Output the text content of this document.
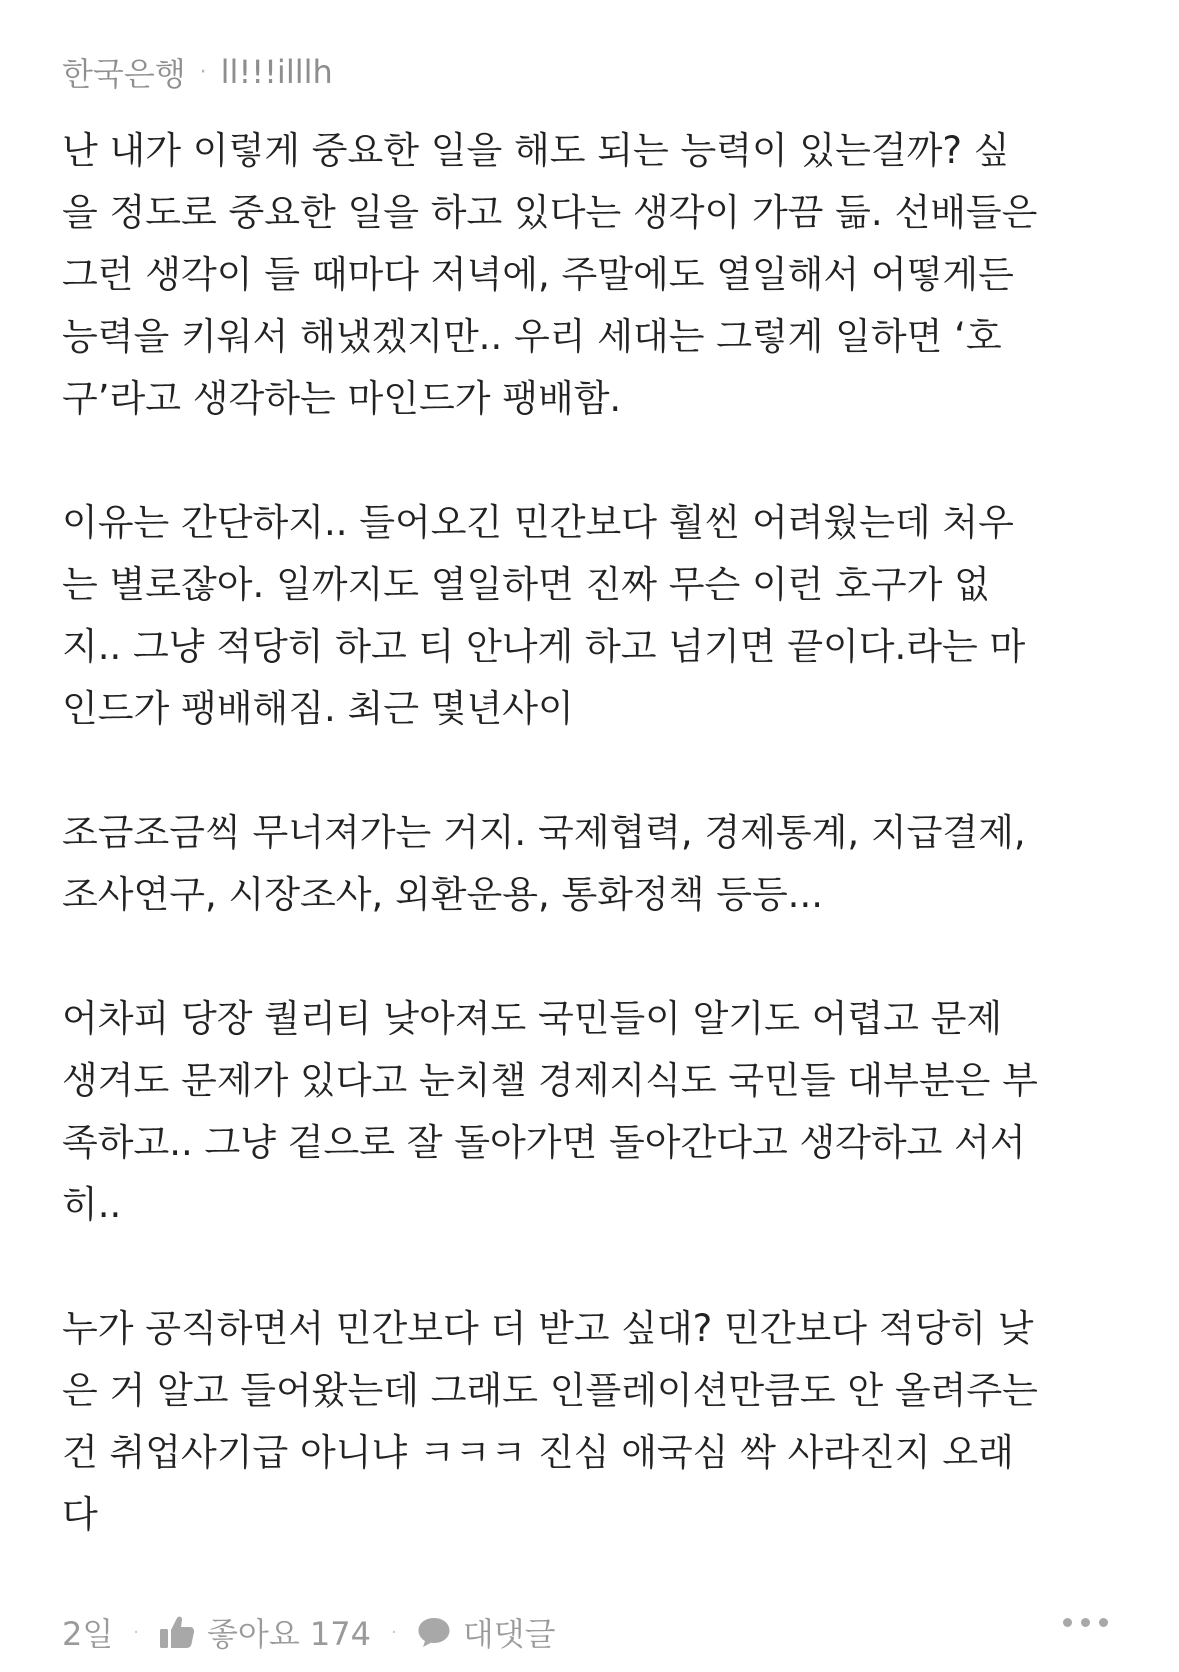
한국은행 · ll!!!illlh

난 내가 이렇게 중요한 일을 해도 되는 능력이 있는걸까? 싶
을 정도로 중요한 일을 하고 있다는 생각이 가끔 듦. 선배들은
그런 생각이 들 때마다 저녁에, 주말에도 열일해서 어떻게든
능력을 키워서 해냈겠지만.. 우리 세대는 그렇게 일하면 ‘호
구’라고 생각하는 마인드가 팽배함.

이유는 간단하지.. 들어오긴 민간보다 훨씬 어려웠는데 처우
는 별로잖아. 일까지도 열일하면 진짜 무슨 이런 호구가 없
지.. 그냥 적당히 하고 티 안나게 하고 넘기면 끝이다.라는 마
인드가 팽배해짐. 최근 몇년사이

조금조금씩 무너져가는 거지. 국제협력, 경제통계, 지급결제,
조사연구, 시장조사, 외환운용, 통화정책 등등...

어차피 당장 퀄리티 낮아져도 국민들이 알기도 어렵고 문제
생겨도 문제가 있다고 눈치챌 경제지식도 국민들 대부분은 부
족하고.. 그냥 겉으로 잘 돌아가면 돌아간다고 생각하고 서서
히..

누가 공직하면서 민간보다 더 받고 싶대? 민간보다 적당히 낮
은 거 알고 들어왔는데 그래도 인플레이션만큼도 안 올려주는
건 취업사기급 아니냐 ㅋㅋㅋ 진심 애국심 싹 사라진지 오래
다

2일 · 좋아요 174 · 대댓글
